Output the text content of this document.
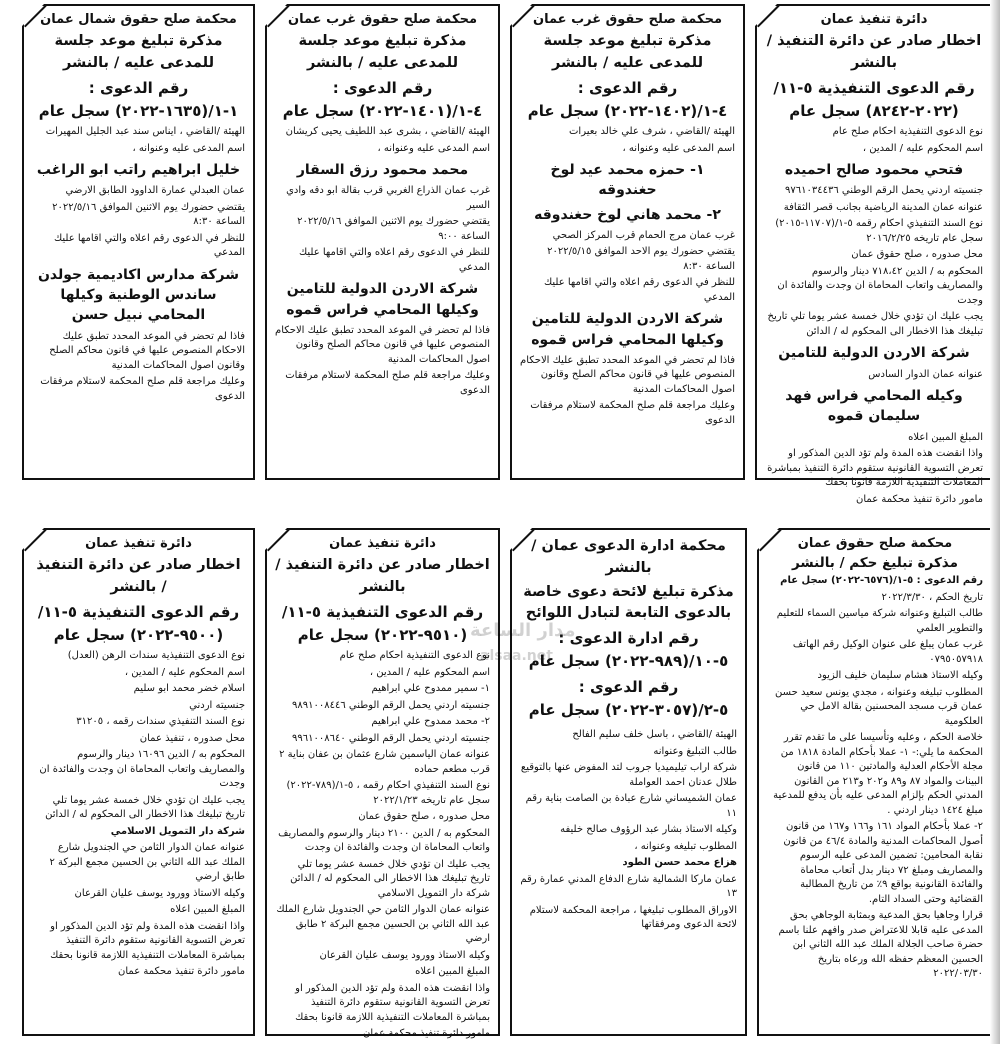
دائرة تنفيذ عمان
اخطار صادر عن دائرة التنفيذ / بالنشر
رقم الدعوى التنفيذية ٥-١١/ (٢٠٢٢-٨٢٤٢) سجل عام
نوع الدعوى التنفيذية احكام صلح عام
اسم المحكوم عليه / المدين ،
فتحي محمود صالح احميده
جنسيته اردني يحمل الرقم الوطني ٩٧٦١٠٣٤٤٣٦
عنوانه عمان المدينة الرياضية بجانب قصر الثقافة
نوع السند التنفيذي احكام رقمه ٥-١/(١١٧٠٧-٢٠١٥) سجل عام تاريخه ٢٠١٦/٢/٢٥
محل صدوره ، صلح حقوق عمان
المحكوم به / الدين ٧١٨،٤٢ دينار والرسوم والمصاريف واتعاب المحاماة ان وجدت والفائدة ان وجدت
يجب عليك ان تؤدي خلال خمسة عشر يوما تلي تاريخ تبليغك هذا الاخطار الى المحكوم له / الدائن
شركة الاردن الدولية للتامين
عنوانه عمان الدوار السادس
وكيله المحامي فراس فهد سليمان قموه
المبلغ المبين اعلاه
واذا انقضت هذه المدة ولم تؤد الدين المذكور او تعرض التسوية القانونية ستقوم دائرة التنفيذ بمباشرة المعاملات التنفيذية اللازمة قانونا بحقك
مامور دائرة تنفيذ محكمة عمان
محكمة صلح حقوق غرب عمان
مذكرة تبليغ موعد جلسة للمدعى عليه / بالنشر
رقم الدعوى : ٤-١/(١٤٠٢-٢٠٢٢) سجل عام
الهيئة /القاضي ، شرف علي خالد بعيرات
اسم المدعى عليه وعنوانه ،
١- حمزه محمد عيد لوخ حغندوقه
٢- محمد هاني لوخ حغندوقه
غرب عمان مرج الحمام قرب المركز الصحي
يقتضي حضورك يوم الاحد الموافق ٢٠٢٢/٥/١٥ الساعة ٨:٣٠
للنظر في الدعوى رقم اعلاه والتي اقامها عليك المدعي
شركة الاردن الدولية للتامين وكيلها المحامي فراس قموه
فاذا لم تحضر في الموعد المحدد تطبق عليك الاحكام المنصوص عليها في قانون محاكم الصلح وقانون اصول المحاكمات المدنية
وعليك مراجعة قلم صلح المحكمة لاستلام مرفقات الدعوى
محكمة صلح حقوق غرب عمان
مذكرة تبليغ موعد جلسة للمدعى عليه / بالنشر
رقم الدعوى : ٤-١/(١٤٠١-٢٠٢٢) سجل عام
الهيئة /القاضي ، بشرى عبد اللطيف يحيى كريشان
اسم المدعى عليه وعنوانه ،
محمد محمود رزق السقار
غرب عمان الذراع الغربي قرب بقالة ابو دقه وادي السير
يقتضي حضورك يوم الاثنين الموافق ٢٠٢٢/٥/١٦ الساعة ٩:٠٠
للنظر في الدعوى رقم اعلاه والتي اقامها عليك المدعي
شركة الاردن الدولية للتامين وكيلها المحامي فراس قموه
فاذا لم تحضر في الموعد المحدد تطبق عليك الاحكام المنصوص عليها في قانون محاكم الصلح وقانون اصول المحاكمات المدنية
وعليك مراجعة قلم صلح المحكمة لاستلام مرفقات الدعوى
محكمة صلح حقوق شمال عمان
مذكرة تبليغ موعد جلسة للمدعى عليه / بالنشر
رقم الدعوى : ١-١/(١٦٣٥-٢٠٢٢) سجل عام
الهيئة /القاضي ، ايناس سند عبد الجليل المهيرات
اسم المدعى عليه وعنوانه ،
خليل ابراهيم راتب ابو الراغب
عمان العبدلي عمارة الداوود الطابق الارضي
يقتضي حضورك يوم الاثنين الموافق ٢٠٢٢/٥/١٦ الساعة ٨:٣٠
للنظر في الدعوى رقم اعلاه والتي اقامها عليك المدعي
شركة مدارس اكاديمية جولدن ساندس الوطنية وكيلها المحامي نبيل حسن
فاذا لم تحضر في الموعد المحدد تطبق عليك الاحكام المنصوص عليها في قانون محاكم الصلح وقانون اصول المحاكمات المدنية
وعليك مراجعة قلم صلح المحكمة لاستلام مرفقات الدعوى
محكمة صلح حقوق عمان
مذكرة تبليغ حكم / بالنشر
رقم الدعوى : ٥-١/(٦٥٧٦-٢٠٢٢) سجل عام
تاريخ الحكم ، ٢٠٢٢/٣/٣٠
طالب التبليغ وعنوانه شركة مياسين السماء للتعليم والتطوير العلمي
غرب عمان يبلغ على عنوان الوكيل رقم الهاتف ٠٧٩٥٠٥٧٩١٨
وكيله الاستاذ هشام سليمان خليف الزيود
المطلوب تبليغه وعنوانه ، مجدي يونس سعيد حسن عمان قرب مسجد المحسنين بقالة الامل حي العلكومية
خلاصة الحكم ، وعليه وتأسيسا على ما تقدم تقرر المحكمة ما يلي:- ١- عملا بأحكام المادة ١٨١٨ من مجلة الأحكام العدلية والمادتين ١١٠ من قانون البينات والمواد ٨٧ و٨٩ و٢٠٢ و٢١٣ من القانون المدني الحكم بإلزام المدعى عليه بأن يدفع للمدعية مبلغ ١٤٢٤ دينار اردني .
٢- عملا بأحكام المواد ١٦١ و١٦٦ و١٦٧ من قانون أصول المحاكمات المدنية والمادة ٤٦/٤ من قانون نقابة المحامين: تضمين المدعى عليه الرسوم والمصاريف ومبلغ ٧٢ دينار بدل أتعاب محاماة والفائدة القانونية بواقع ٩٪ من تاريخ المطالبة القضائية وحتى السداد التام.
قرارا وجاهيا بحق المدعية وبمثابة الوجاهي بحق المدعى عليه قابلا للاعتراض صدر وافهم علنا باسم حضرة صاحب الجلالة الملك عبد الله الثاني ابن الحسين المعظم حفظه الله ورعاه بتاريخ ٢٠٢٢/٠٣/٣٠
محكمة ادارة الدعوى عمان /بالنشر
مذكرة تبليغ لائحة دعوى خاصة بالدعوى التابعة لتبادل اللوائح
رقم ادارة الدعوى : ٥-١٠/(٩٨٩-٢٠٢٢) سجل عام
رقم الدعوى : ٥-٢/(٣٠٥٧-٢٠٢٢) سجل عام
الهيئة /القاضي ، باسل خلف سليم الفالح
طالب التبليغ وعنوانه
شركة اراب تيليميديا جروب لتد المفوض عنها بالتوقيع طلال عدنان احمد العواملة
عمان الشميساني شارع عبادة بن الصامت بناية رقم ١١
وكيله الاستاذ بشار عبد الرؤوف صالح خليفه
المطلوب تبليغه وعنوانه ،
هزاع محمد حسن الطود
عمان ماركا الشمالية شارع الدفاع المدني عمارة رقم ١٣
الاوراق المطلوب تبليغها ، مراجعة المحكمة لاستلام لائحة الدعوى ومرفقاتها
دائرة تنفيذ عمان
اخطار صادر عن دائرة التنفيذ / بالنشر
رقم الدعوى التنفيذية ٥-١١/ (٩٥١٠-٢٠٢٢) سجل عام
نوع الدعوى التنفيذية احكام صلح عام
اسم المحكوم عليه / المدين ،
١- سمير ممدوح علي ابراهيم
جنسيته اردني يحمل الرقم الوطني ٩٨٩١٠٠٨٤٤٦
٢- محمد ممدوح علي ابراهيم
جنسيته اردني يحمل الرقم الوطني ٩٩٦١٠٠٨٦٤٠
عنوانه عمان الياسمين شارع عثمان بن عفان بناية ٢ قرب مطعم حماده
نوع السند التنفيذي احكام رقمه ، ٥-١/(٧٨٩-٢٠٢٢) سجل عام تاريخه ٢٠٢٢/١/٢٣
محل صدوره ، صلح حقوق عمان
المحكوم به / الدين ٢١٠٠ دينار والرسوم والمصاريف واتعاب المحاماة ان وجدت والفائدة ان وجدت
يجب عليك ان تؤدي خلال خمسة عشر يوما تلي تاريخ تبليغك هذا الاخطار الى المحكوم له / الدائن شركة دار التمويل الاسلامي
عنوانه عمان الدوار الثامن حي الجندويل شارع الملك عبد الله الثاني بن الحسين مجمع البركة ٢ طابق ارضي
وكيله الاستاذ وورود يوسف عليان القرعان
المبلغ المبين اعلاه
واذا انقضت هذه المدة ولم تؤد الدين المذكور او تعرض التسوية القانونية ستقوم دائرة التنفيذ بمباشرة المعاملات التنفيذية اللازمة قانونا بحقك
مامور دائرة تنفيذ محكمة عمان
دائرة تنفيذ عمان
اخطار صادر عن دائرة التنفيذ / بالنشر
رقم الدعوى التنفيذية ٥-١١/ (٩٥٠٠-٢٠٢٢) سجل عام
نوع الدعوى التنفيذية سندات الرهن (العدل)
اسم المحكوم عليه / المدين ،
اسلام خضر محمد ابو سليم
جنسيته اردني
نوع السند التنفيذي سندات رقمه ، ٣١٢٠٥
محل صدوره ، تنفيذ عمان
المحكوم به / الدين ١٦٠٩٦ دينار والرسوم والمصاريف واتعاب المحاماة ان وجدت والفائدة ان وجدت
يجب عليك ان تؤدي خلال خمسة عشر يوما تلي تاريخ تبليغك هذا الاخطار الى المحكوم له / الدائن
شركة دار التمويل الاسلامي
عنوانه عمان الدوار الثامن حي الجندويل شارع الملك عبد الله الثاني بن الحسين مجمع البركة ٢ طابق ارضي
وكيله الاستاذ وورود يوسف عليان القرعان
المبلغ المبين اعلاه
واذا انقضت هذه المدة ولم تؤد الدين المذكور او تعرض التسوية القانونية ستقوم دائرة التنفيذ بمباشرة المعاملات التنفيذية اللازمة قانونا بحقك
مامور دائرة تنفيذ محكمة عمان
الساعة
